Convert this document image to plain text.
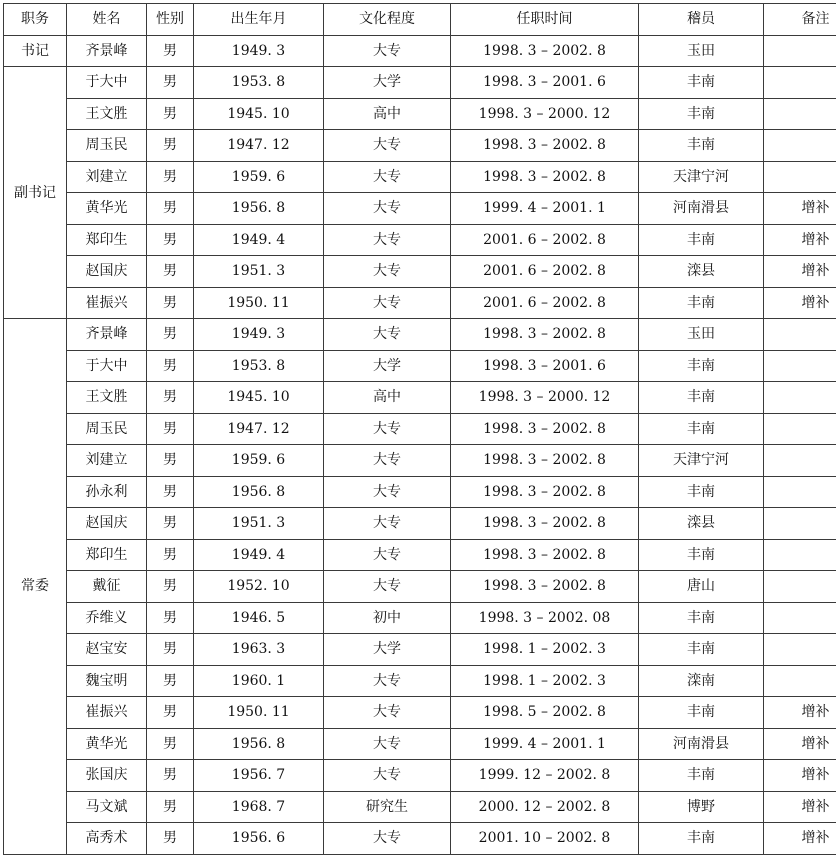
职务	姓名	性别	出生年月	文化程度	任职时间	稽员	备注
书记	齐景峰	男	1949. 3	大专	1998. 3 – 2002. 8	玉田	
副书记	于大中	男	1953. 8	大学	1998. 3 – 2001. 6	丰南	
	王文胜	男	1945. 10	高中	1998. 3 – 2000. 12	丰南	
	周玉民	男	1947. 12	大专	1998. 3 – 2002. 8	丰南	
	刘建立	男	1959. 6	大专	1998. 3 – 2002. 8	天津宁河	
	黄华光	男	1956. 8	大专	1999. 4 – 2001. 1	河南滑县	增补
	郑印生	男	1949. 4	大专	2001. 6 – 2002. 8	丰南	增补
	赵国庆	男	1951. 3	大专	2001. 6 – 2002. 8	滦县	增补
	崔振兴	男	1950. 11	大专	2001. 6 – 2002. 8	丰南	增补
常委	齐景峰	男	1949. 3	大专	1998. 3 – 2002. 8	玉田	
	于大中	男	1953. 8	大学	1998. 3 – 2001. 6	丰南	
	王文胜	男	1945. 10	高中	1998. 3 – 2000. 12	丰南	
	周玉民	男	1947. 12	大专	1998. 3 – 2002. 8	丰南	
	刘建立	男	1959. 6	大专	1998. 3 – 2002. 8	天津宁河	
	孙永利	男	1956. 8	大专	1998. 3 – 2002. 8	丰南	
	赵国庆	男	1951. 3	大专	1998. 3 – 2002. 8	滦县	
	郑印生	男	1949. 4	大专	1998. 3 – 2002. 8	丰南	
	戴征	男	1952. 10	大专	1998. 3 – 2002. 8	唐山	
	乔维义	男	1946. 5	初中	1998. 3 – 2002. 08	丰南	
	赵宝安	男	1963. 3	大学	1998. 1 – 2002. 3	丰南	
	魏宝明	男	1960. 1	大专	1998. 1 – 2002. 3	滦南	
	崔振兴	男	1950. 11	大专	1998. 5 – 2002. 8	丰南	增补
	黄华光	男	1956. 8	大专	1999. 4 – 2001. 1	河南滑县	增补
	张国庆	男	1956. 7	大专	1999. 12 – 2002. 8	丰南	增补
	马文斌	男	1968. 7	研究生	2000. 12 – 2002. 8	博野	增补
	高秀术	男	1956. 6	大专	2001. 10 – 2002. 8	丰南	增补
